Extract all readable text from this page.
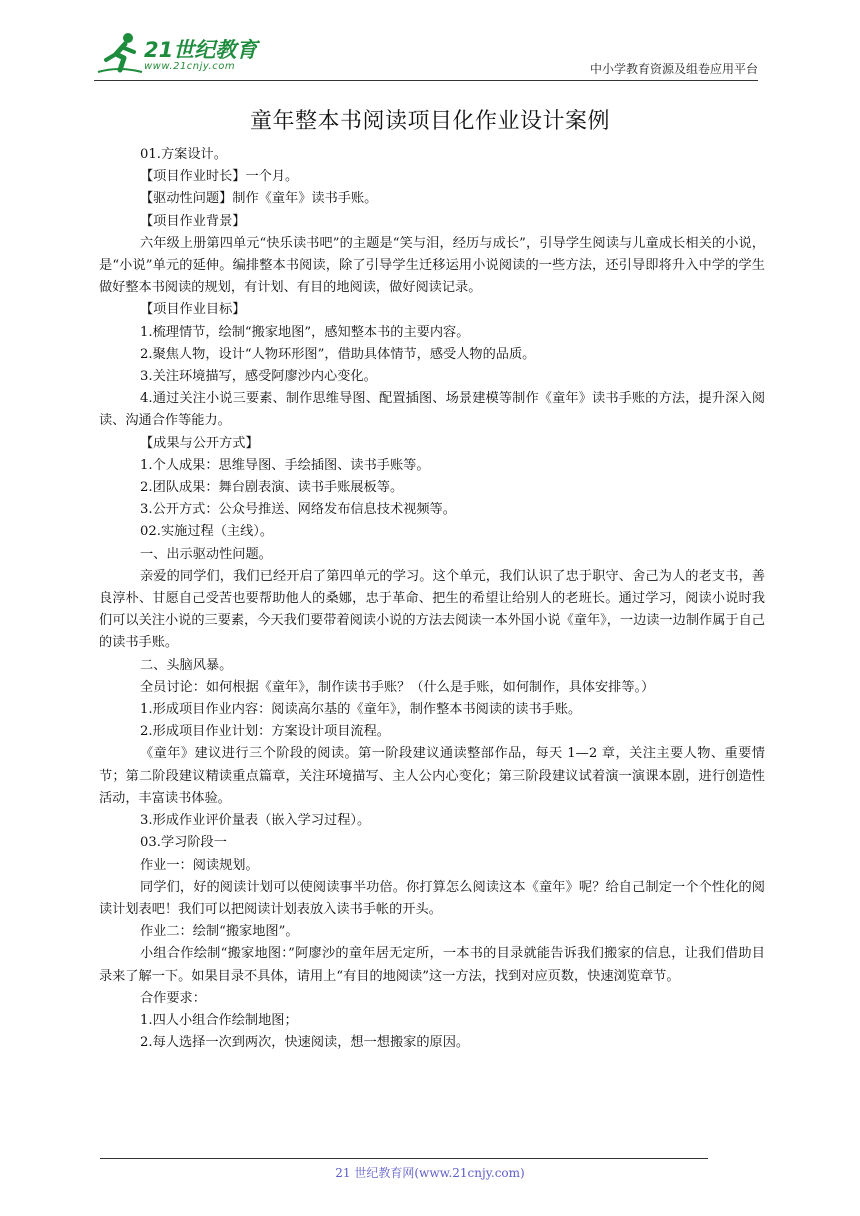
21世纪教育
www.21cnjy.com	中小学教育资源及组卷应用平台
童年整本书阅读项目化作业设计案例

01.方案设计。

【项目作业时长】一个月。

【驱动性问题】制作《童年》读书手账。

【项目作业背景】

六年级上册第四单元“快乐读书吧”的主题是“笑与泪，经历与成长”，引导学生阅读与儿童成长相关的小说，是“小说”单元的延伸。编排整本书阅读，除了引导学生迁移运用小说阅读的一些方法，还引导即将升入中学的学生做好整本书阅读的规划，有计划、有目的地阅读，做好阅读记录。

【项目作业目标】

1.梳理情节，绘制“搬家地图”，感知整本书的主要内容。

2.聚焦人物，设计“人物环形图”，借助具体情节，感受人物的品质。

3.关注环境描写，感受阿廖沙内心变化。

4.通过关注小说三要素、制作思维导图、配置插图、场景建模等制作《童年》读书手账的方法，提升深入阅读、沟通合作等能力。

【成果与公开方式】

1.个人成果：思维导图、手绘插图、读书手账等。

2.团队成果：舞台剧表演、读书手账展板等。

3.公开方式：公众号推送、网络发布信息技术视频等。

02.实施过程（主线）。

一、出示驱动性问题。

亲爱的同学们，我们已经开启了第四单元的学习。这个单元，我们认识了忠于职守、舍己为人的老支书，善良淳朴、甘愿自己受苦也要帮助他人的桑娜，忠于革命、把生的希望让给别人的老班长。通过学习，阅读小说时我们可以关注小说的三要素，今天我们要带着阅读小说的方法去阅读一本外国小说《童年》，一边读一边制作属于自己的读书手账。

二、头脑风暴。

全员讨论：如何根据《童年》，制作读书手账？（什么是手账，如何制作，具体安排等。）

1.形成项目作业内容：阅读高尔基的《童年》，制作整本书阅读的读书手账。

2.形成项目作业计划：方案设计项目流程。

《童年》建议进行三个阶段的阅读。第一阶段建议通读整部作品，每天 1—2 章，关注主要人物、重要情节；第二阶段建议精读重点篇章，关注环境描写、主人公内心变化；第三阶段建议试着演一演课本剧，进行创造性活动，丰富读书体验。

3.形成作业评价量表（嵌入学习过程）。

03.学习阶段一

作业一：阅读规划。

同学们，好的阅读计划可以使阅读事半功倍。你打算怎么阅读这本《童年》呢？给自己制定一个个性化的阅读计划表吧！我们可以把阅读计划表放入读书手帐的开头。

作业二：绘制“搬家地图”。

小组合作绘制“搬家地图：”阿廖沙的童年居无定所，一本书的目录就能告诉我们搬家的信息，让我们借助目录来了解一下。如果目录不具体，请用上“有目的地阅读”这一方法，找到对应页数，快速浏览章节。

合作要求：

1.四人小组合作绘制地图；

2.每人选择一次到两次，快速阅读，想一想搬家的原因。

21 世纪教育网(www.21cnjy.com)
